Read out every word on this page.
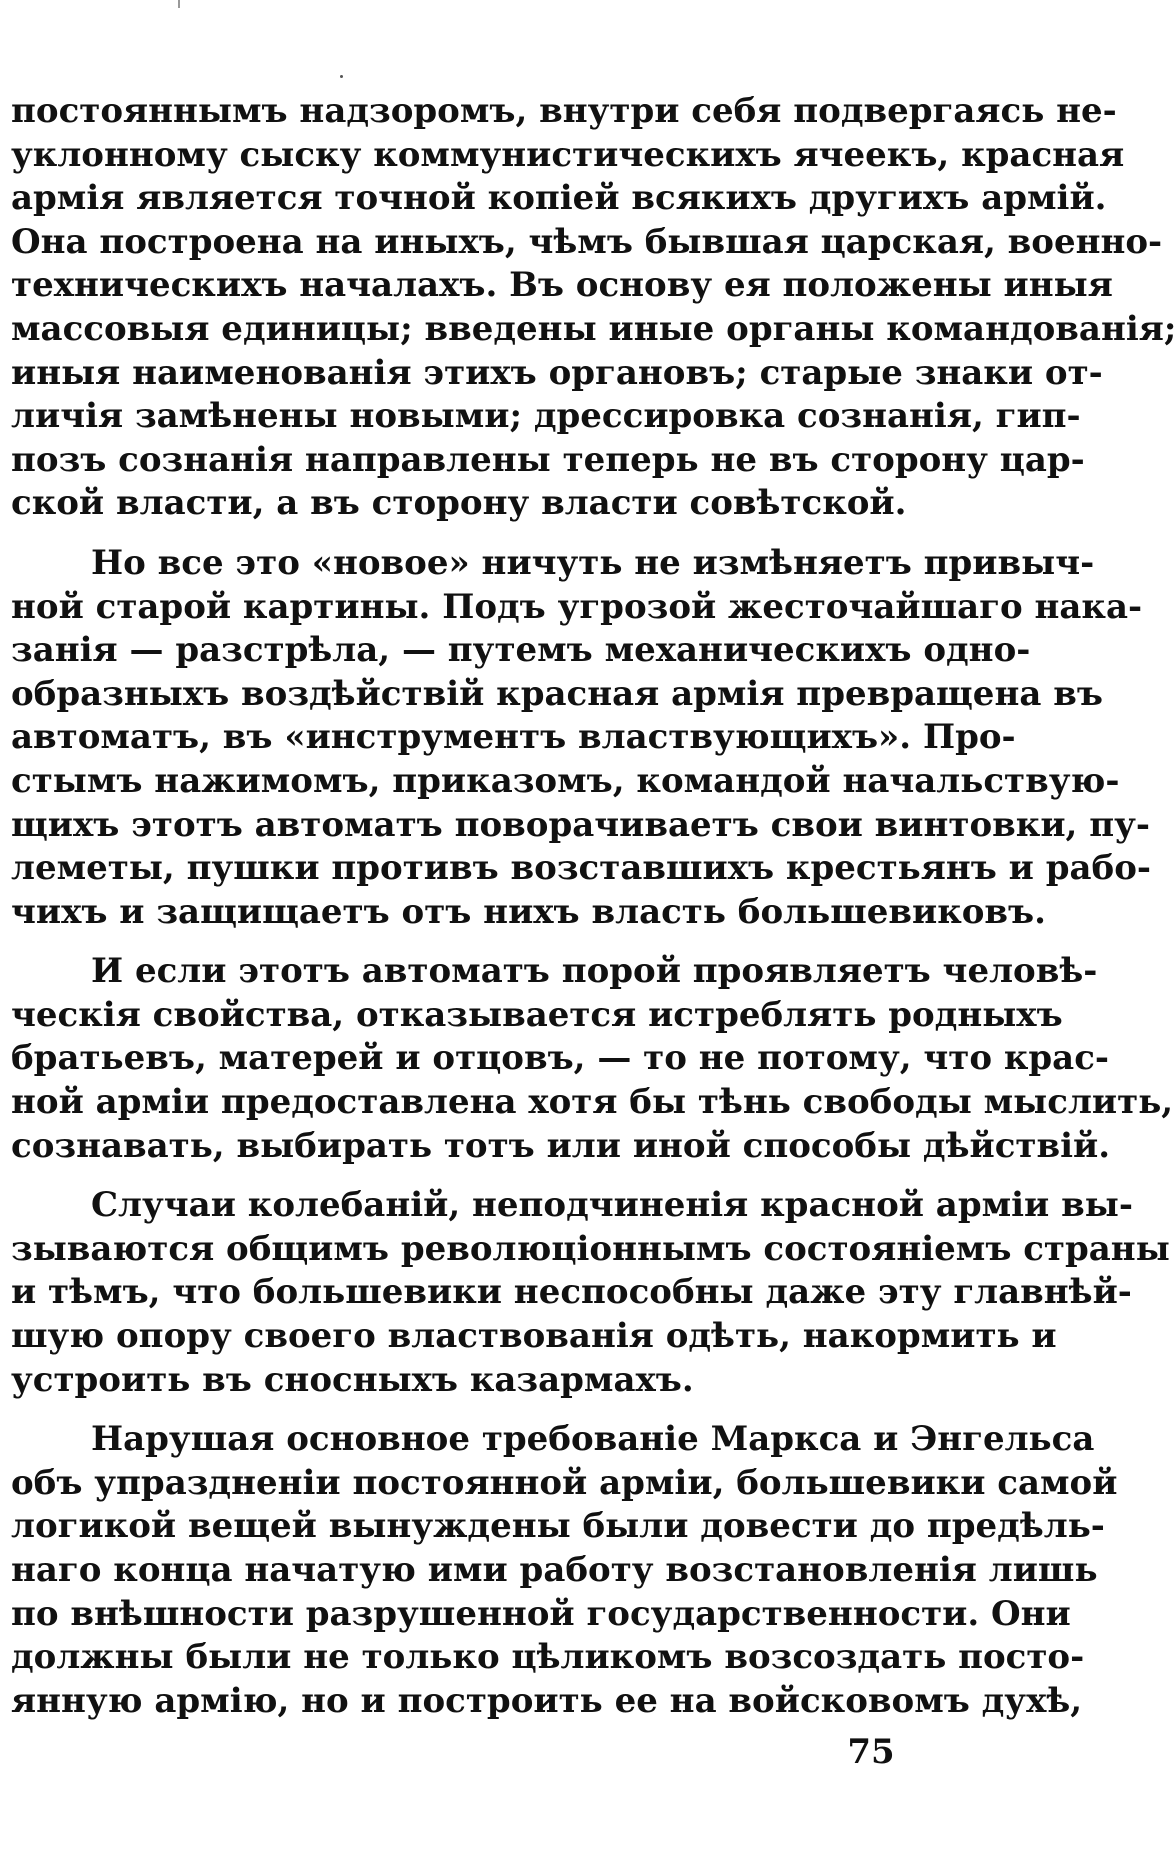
постояннымъ надзоромъ, внутри себя подвергаясь не-
уклонному сыску коммунистическихъ ячеекъ, красная
армія является точной копіей всякихъ другихъ армій.
Она построена на иныхъ, чѣмъ бывшая царская, военно-
техническихъ началахъ. Въ основу ея положены иныя
массовыя единицы; введены иные органы командованія;
иныя наименованія этихъ органовъ; старые знаки от-
личія замѣнены новыми; дрессировка сознанія, гип-
позъ сознанія направлены теперь не въ сторону цар-
ской власти, а въ сторону власти совѣтской.
Но все это «новое» ничуть не измѣняетъ привыч-
ной старой картины. Подъ угрозой жесточайшаго нака-
занія — разстрѣла, — путемъ механическихъ одно-
образныхъ воздѣйствій красная армія превращена въ
автоматъ, въ «инструментъ властвующихъ». Про-
стымъ нажимомъ, приказомъ, командой начальствую-
щихъ этотъ автоматъ поворачиваетъ свои винтовки, пу-
леметы, пушки противъ возставшихъ крестьянъ и рабо-
чихъ и защищаетъ отъ нихъ власть большевиковъ.
И если этотъ автоматъ порой проявляетъ человѣ-
ческія свойства, отказывается истреблять родныхъ
братьевъ, матерей и отцовъ, — то не потому, что крас-
ной арміи предоставлена хотя бы тѣнь свободы мыслить,
сознавать, выбирать тотъ или иной способы дѣйствій.
Случаи колебаній, неподчиненія красной арміи вы-
зываются общимъ революціоннымъ состояніемъ страны
и тѣмъ, что большевики неспособны даже эту главнѣй-
шую опору своего властвованія одѣть, накормить и
устроить въ сносныхъ казармахъ.
Нарушая основное требованіе Маркса и Энгельса
объ упраздненіи постоянной арміи, большевики самой
логикой вещей вынуждены были довести до предѣль-
наго конца начатую ими работу возстановленія лишь
по внѣшности разрушенной государственности. Они
должны были не только цѣликомъ возсоздать посто-
янную армію, но и построить ее на войсковомъ духѣ,
75
